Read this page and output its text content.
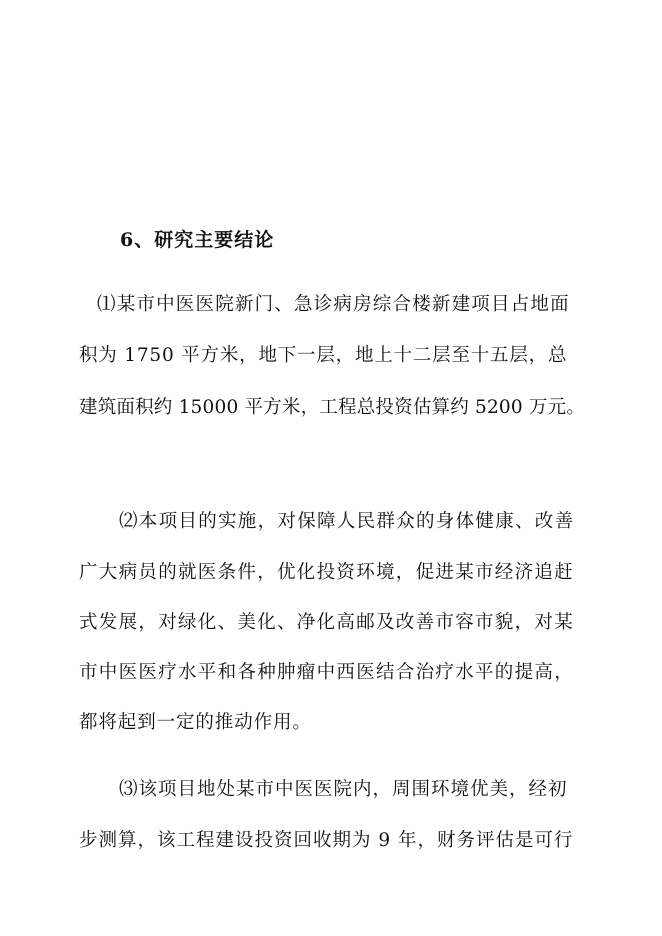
6、研究主要结论
⑴某市中医医院新门、急诊病房综合楼新建项目占地面
积为 1750 平方米，地下一层，地上十二层至十五层，总
建筑面积约 15000 平方米，工程总投资估算约 5200 万元。
⑵本项目的实施，对保障人民群众的身体健康、改善
广大病员的就医条件，优化投资环境，促进某市经济追赶
式发展，对绿化、美化、净化高邮及改善市容市貌，对某
市中医医疗水平和各种肿瘤中西医结合治疗水平的提高，
都将起到一定的推动作用。
⑶该项目地处某市中医医院内，周围环境优美，经初
步测算，该工程建设投资回收期为 9 年，财务评估是可行
